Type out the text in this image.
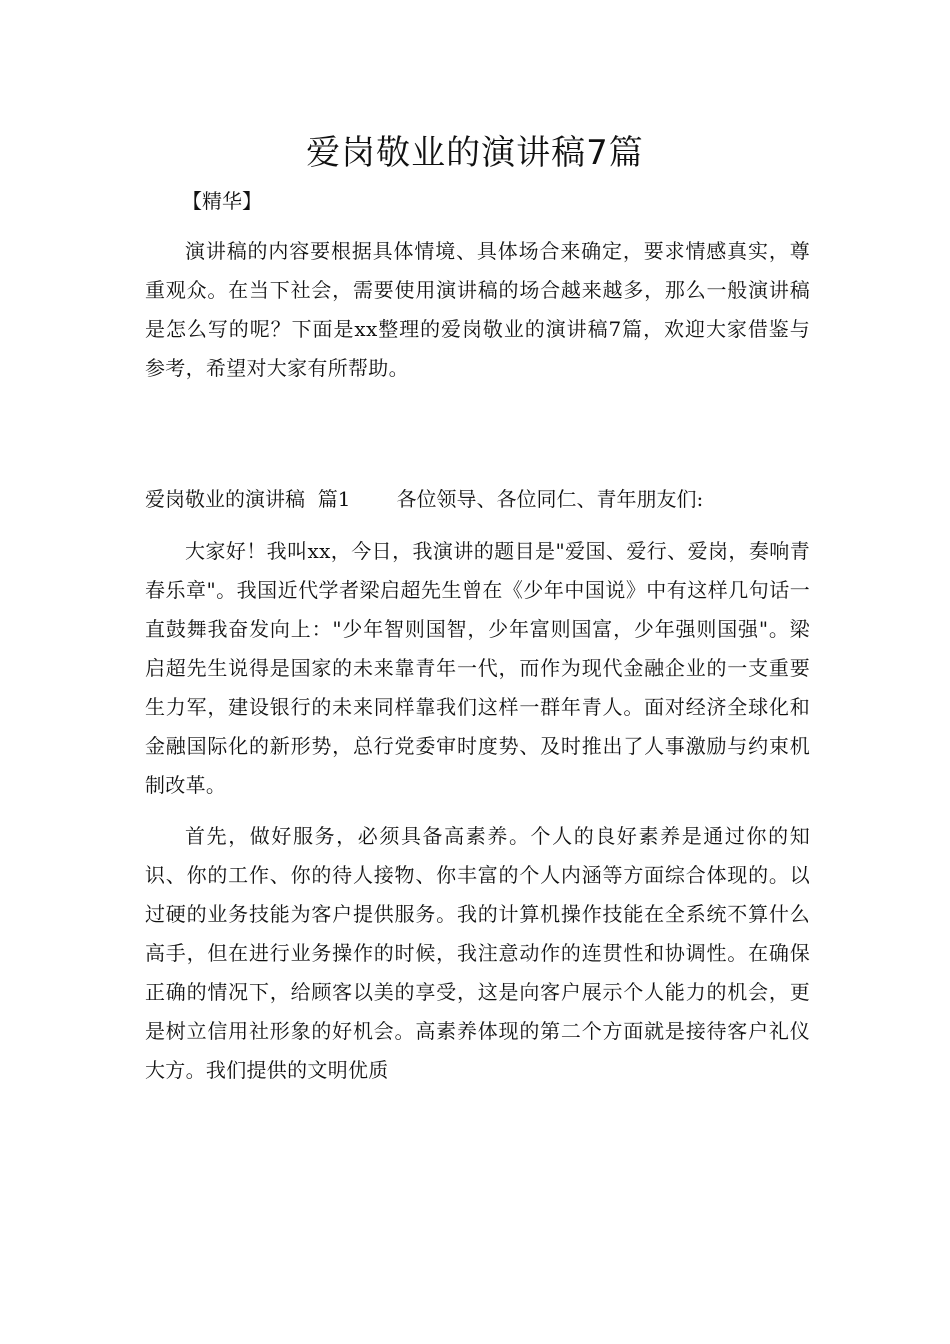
爱岗敬业的演讲稿7篇
【精华】

演讲稿的内容要根据具体情境、具体场合来确定，要求情感真实，尊重观众。在当下社会，需要使用演讲稿的场合越来越多，那么一般演讲稿是怎么写的呢？下面是xx整理的爱岗敬业的演讲稿7篇，欢迎大家借鉴与参考，希望对大家有所帮助。

爱岗敬业的演讲稿  篇1 各位领导、各位同仁、青年朋友们:

大家好！我叫xx，今日，我演讲的题目是"爱国、爱行、爱岗，奏响青春乐章"。我国近代学者梁启超先生曾在《少年中国说》中有这样几句话一直鼓舞我奋发向上："少年智则国智，少年富则国富，少年强则国强"。梁启超先生说得是国家的未来靠青年一代，而作为现代金融企业的一支重要生力军，建设银行的未来同样靠我们这样一群年青人。面对经济全球化和金融国际化的新形势，总行党委审时度势、及时推出了人事激励与约束机制改革。

首先，做好服务，必须具备高素养。个人的良好素养是通过你的知识、你的工作、你的待人接物、你丰富的个人内涵等方面综合体现的。以过硬的业务技能为客户提供服务。我的计算机操作技能在全系统不算什么高手，但在进行业务操作的时候，我注意动作的连贯性和协调性。在确保正确的情况下，给顾客以美的享受，这是向客户展示个人能力的机会，更是树立信用社形象的好机会。高素养体现的第二个方面就是接待客户礼仪大方。我们提供的文明优质
